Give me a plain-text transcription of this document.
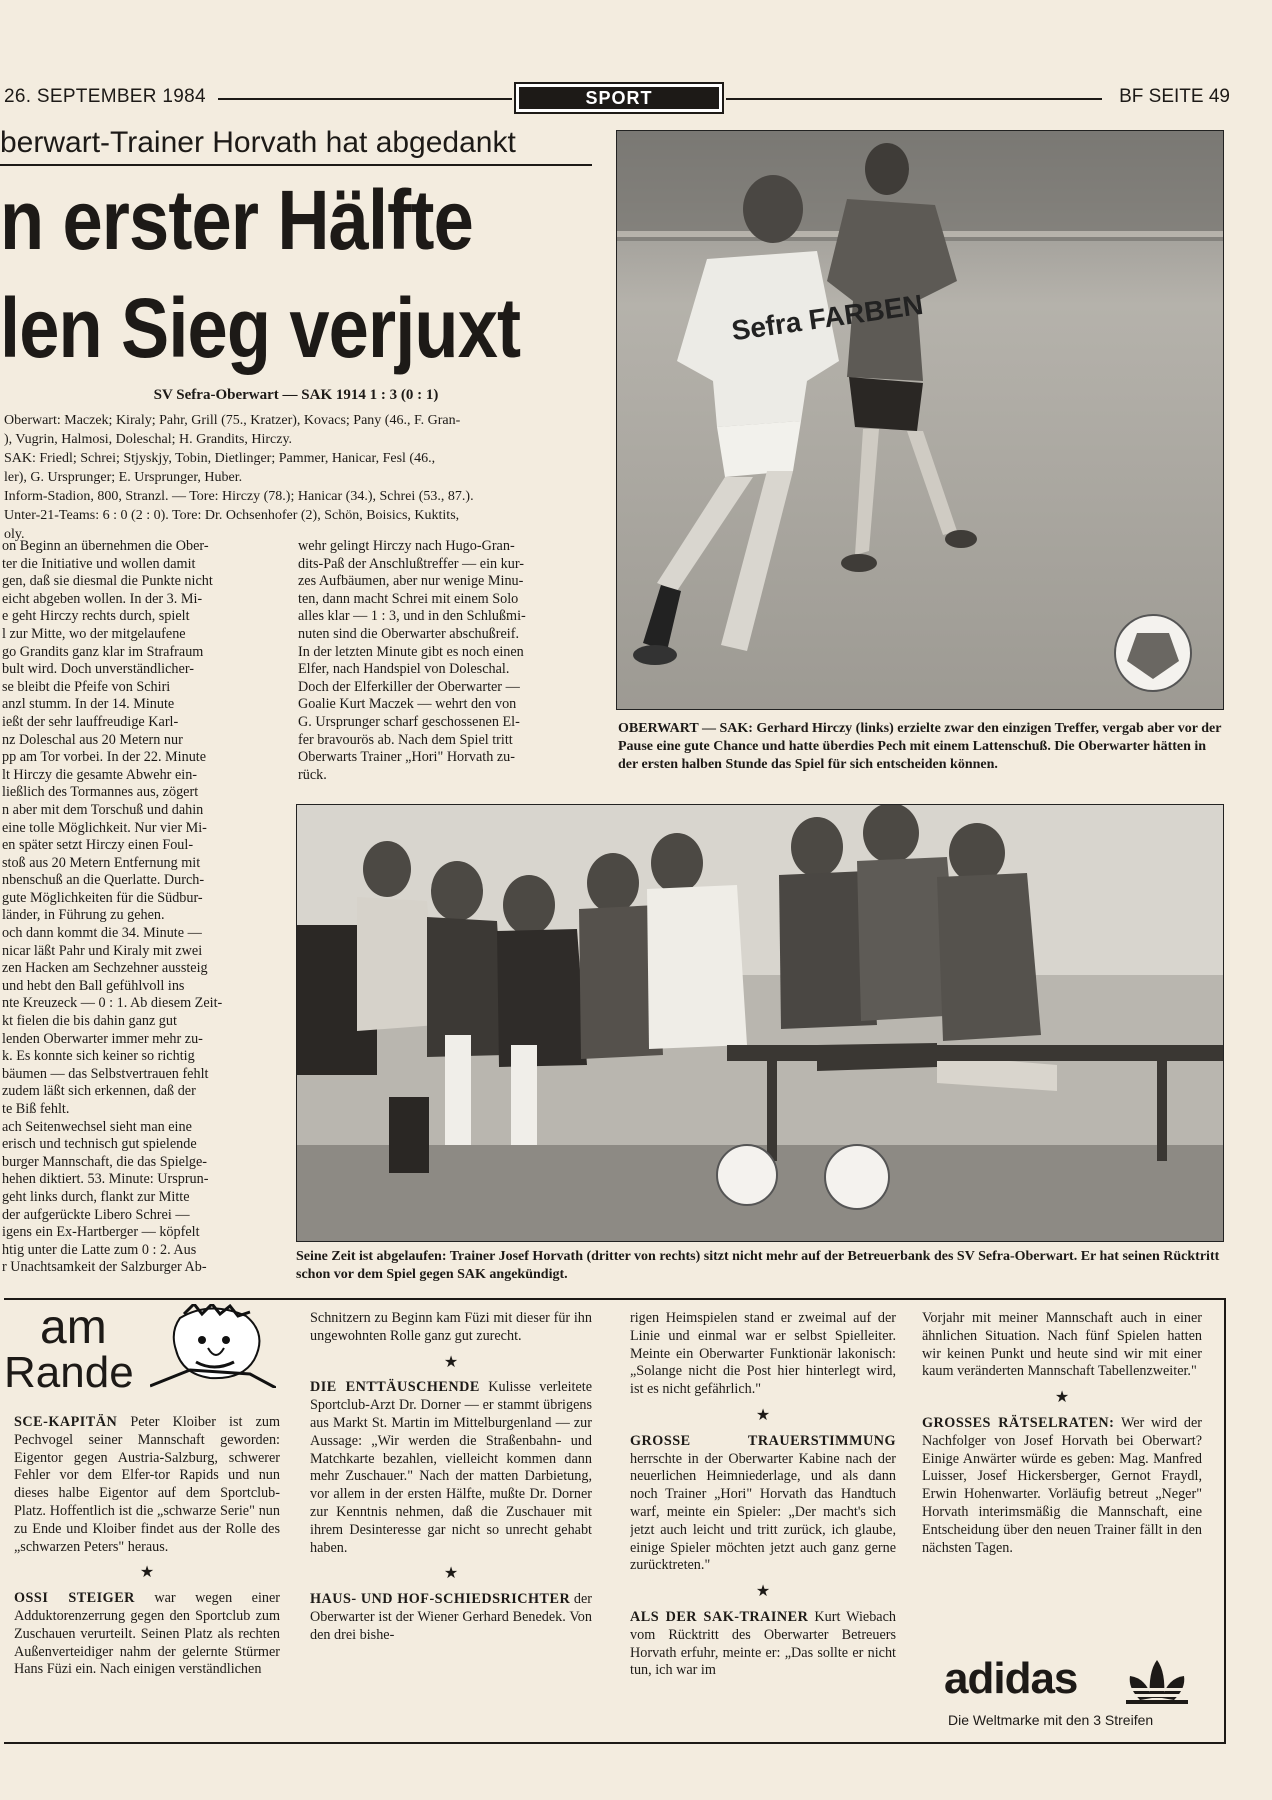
26. SEPTEMBER 1984	SPORT	BF SEITE 49
berwart-Trainer Horvath hat abgedankt
n erster Hälfte
len Sieg verjuxt
SV Sefra-Oberwart — SAK 1914 1 : 3 (0 : 1)

Oberwart: Maczek; Kiraly; Pahr, Grill (75., Kratzer), Kovacs; Pany (46., F. Gran-

), Vugrin, Halmosi, Doleschal; H. Grandits, Hirczy.

SAK: Friedl; Schrei; Stjyskjy, Tobin, Dietlinger; Pammer, Hanicar, Fesl (46.,

ler), G. Ursprunger; E. Ursprunger, Huber.

Inform-Stadion, 800, Stranzl. — Tore: Hirczy (78.); Hanicar (34.), Schrei (53., 87.).

Unter-21-Teams: 6 : 0 (2 : 0). Tore: Dr. Ochsenhofer (2), Schön, Boisics, Kuktits,

oly.

on Beginn an übernehmen die Ober-

ter die Initiative und wollen damit

gen, daß sie diesmal die Punkte nicht

eicht abgeben wollen. In der 3. Mi-

e geht Hirczy rechts durch, spielt

l zur Mitte, wo der mitgelaufene

go Grandits ganz klar im Strafraum

bult wird. Doch unverständlicher-

se bleibt die Pfeife von Schiri

anzl stumm. In der 14. Minute

ießt der sehr lauffreudige Karl-

nz Doleschal aus 20 Metern nur

pp am Tor vorbei. In der 22. Minute

lt Hirczy die gesamte Abwehr ein-

ließlich des Tormannes aus, zögert

n aber mit dem Torschuß und dahin

eine tolle Möglichkeit. Nur vier Mi-

en später setzt Hirczy einen Foul-

stoß aus 20 Metern Entfernung mit

nbenschuß an die Querlatte. Durch-

gute Möglichkeiten für die Südbur-

länder, in Führung zu gehen.

och dann kommt die 34. Minute —

nicar läßt Pahr und Kiraly mit zwei

zen Hacken am Sechzehner aussteig

und hebt den Ball gefühlvoll ins

nte Kreuzeck — 0 : 1. Ab diesem Zeit-

kt fielen die bis dahin ganz gut

lenden Oberwarter immer mehr zu-

k. Es konnte sich keiner so richtig

bäumen — das Selbstvertrauen fehlt

zudem läßt sich erkennen, daß der

te Biß fehlt.

ach Seitenwechsel sieht man eine

erisch und technisch gut spielende

burger Mannschaft, die das Spielge-

hehen diktiert. 53. Minute: Ursprun-

geht links durch, flankt zur Mitte

der aufgerückte Libero Schrei —

igens ein Ex-Hartberger — köpfelt

htig unter die Latte zum 0 : 2. Aus

r Unachtsamkeit der Salzburger Ab-

wehr gelingt Hirczy nach Hugo-Gran-

dits-Paß der Anschlußtreffer — ein kur-

zes Aufbäumen, aber nur wenige Minu-

ten, dann macht Schrei mit einem Solo

alles klar — 1 : 3, und in den Schlußmi-

nuten sind die Oberwarter abschußreif.

In der letzten Minute gibt es noch einen

Elfer, nach Handspiel von Doleschal.

Doch der Elferkiller der Oberwarter —

Goalie Kurt Maczek — wehrt den von

G. Ursprunger scharf geschossenen El-

fer bravourös ab. Nach dem Spiel tritt

Oberwarts Trainer „Hori" Horvath zu-

rück.

Sefra FARBEN
OBERWART — SAK: Gerhard Hirczy (links) erzielte zwar den einzigen Treffer, vergab aber vor der Pause eine gute Chance und hatte überdies Pech mit einem Lattenschuß. Die Oberwarter hätten in der ersten halben Stunde das Spiel für sich entscheiden können.
Seine Zeit ist abgelaufen: Trainer Josef Horvath (dritter von rechts) sitzt nicht mehr auf der Betreuerbank des SV Sefra-Oberwart. Er hat seinen Rücktritt schon vor dem Spiel gegen SAK angekündigt.
am
Rande

SCE-KAPITÄN Peter Kloiber ist zum Pechvogel seiner Mannschaft geworden: Eigentor gegen Austria-Salzburg, schwerer Fehler vor dem Elfer-tor Rapids und nun dieses halbe Eigentor auf dem Sportclub-Platz. Hoffentlich ist die „schwarze Serie" nun zu Ende und Kloiber findet aus der Rolle des „schwarzen Peters" heraus.

★

OSSI STEIGER war wegen einer Adduktorenzerrung gegen den Sportclub zum Zuschauen verurteilt. Seinen Platz als rechten Außenverteidiger nahm der gelernte Stürmer Hans Füzi ein. Nach einigen verständlichen

Schnitzern zu Beginn kam Füzi mit dieser für ihn ungewohnten Rolle ganz gut zurecht.

★

DIE ENTTÄUSCHENDE Kulisse verleitete Sportclub-Arzt Dr. Dorner — er stammt übrigens aus Markt St. Martin im Mittelburgenland — zur Aussage: „Wir werden die Straßenbahn- und Matchkarte bezahlen, vielleicht kommen dann mehr Zuschauer." Nach der matten Darbietung, vor allem in der ersten Hälfte, mußte Dr. Dorner zur Kenntnis nehmen, daß die Zuschauer mit ihrem Desinteresse gar nicht so unrecht gehabt haben.

★

HAUS- UND HOF-SCHIEDSRICHTER der Oberwarter ist der Wiener Gerhard Benedek. Von den drei bishe-

rigen Heimspielen stand er zweimal auf der Linie und einmal war er selbst Spielleiter. Meinte ein Oberwarter Funktionär lakonisch: „Solange nicht die Post hier hinterlegt wird, ist es nicht gefährlich."

★

GROSSE TRAUERSTIMMUNG herrschte in der Oberwarter Kabine nach der neuerlichen Heimniederlage, und als dann noch Trainer „Hori" Horvath das Handtuch warf, meinte ein Spieler: „Der macht's sich jetzt auch leicht und tritt zurück, ich glaube, einige Spieler möchten jetzt auch ganz gerne zurücktreten."

★

ALS DER SAK-TRAINER Kurt Wiebach vom Rücktritt des Oberwarter Betreuers Horvath erfuhr, meinte er: „Das sollte er nicht tun, ich war im

Vorjahr mit meiner Mannschaft auch in einer ähnlichen Situation. Nach fünf Spielen hatten wir keinen Punkt und heute sind wir mit einer kaum veränderten Mannschaft Tabellenzweiter."

★

GROSSES RÄTSELRATEN: Wer wird der Nachfolger von Josef Horvath bei Oberwart? Einige Anwärter würde es geben: Mag. Manfred Luisser, Josef Hickersberger, Gernot Fraydl, Erwin Hohenwarter. Vorläufig betreut „Neger" Horvath interimsmäßig die Mannschaft, eine Entscheidung über den neuen Trainer fällt in den nächsten Tagen.

adidas
Die Weltmarke mit den 3 Streifen
